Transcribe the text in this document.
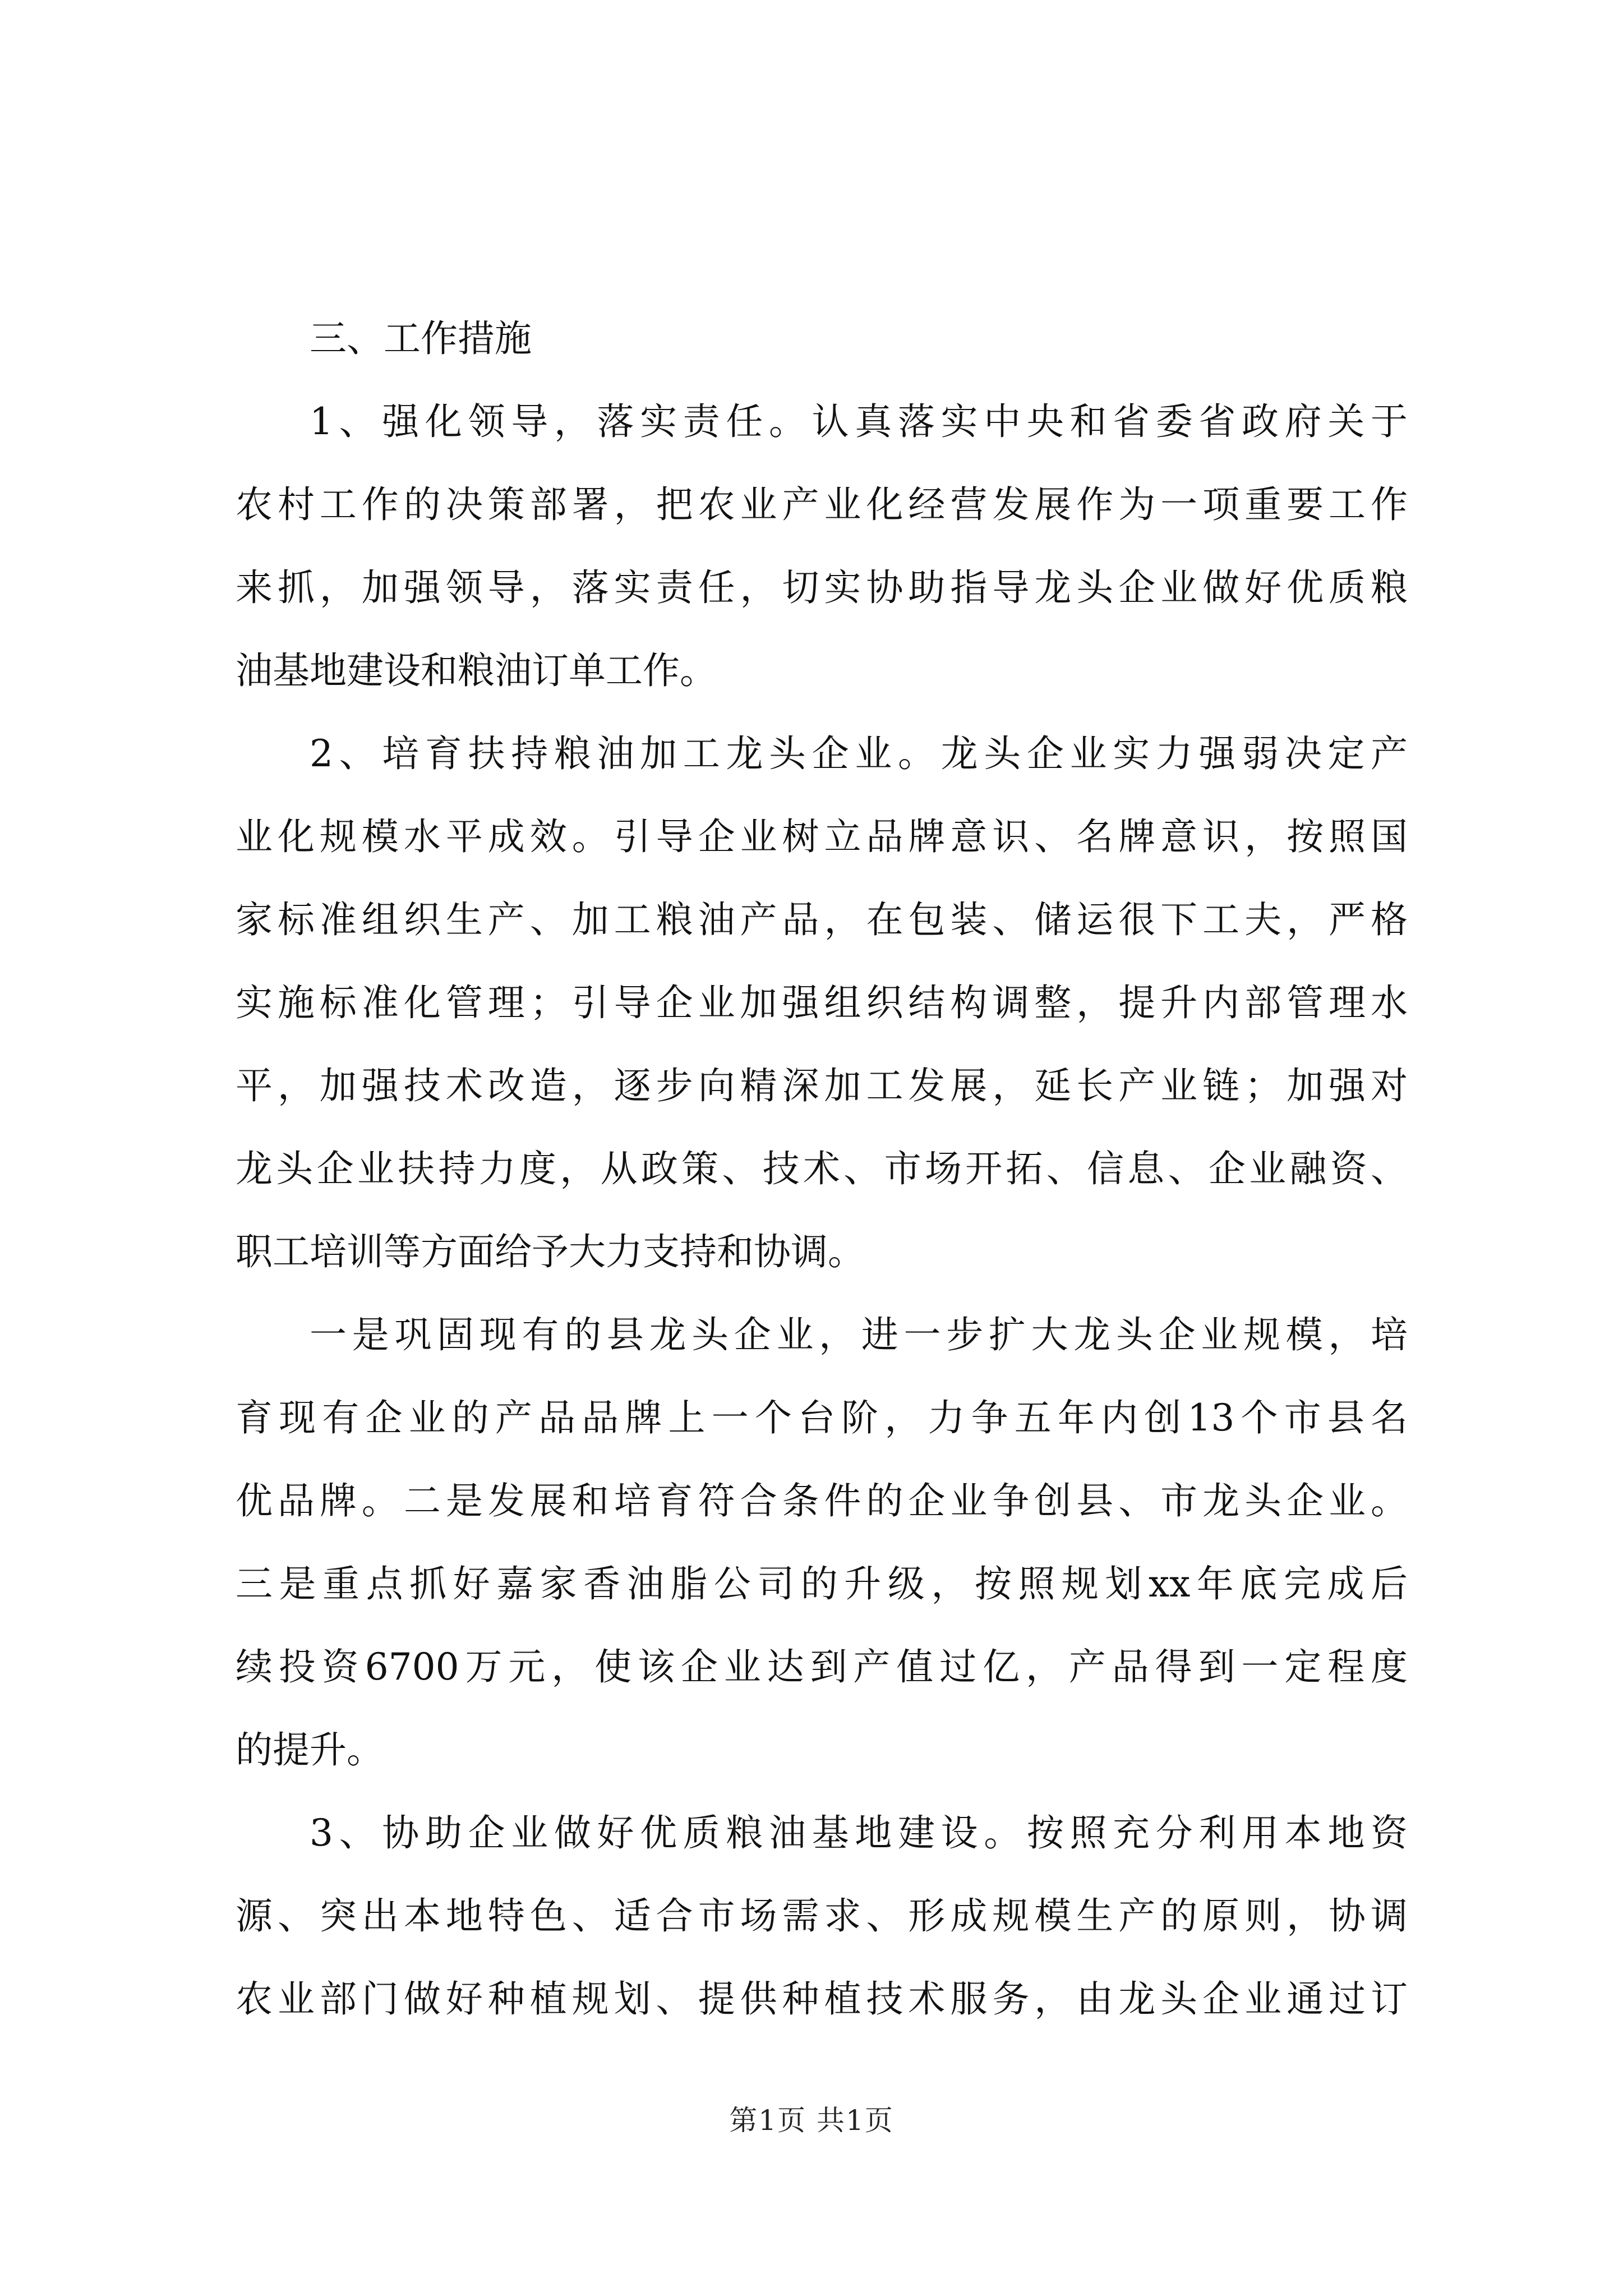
三、工作措施
1、强化领导，落实责任。认真落实中央和省委省政府关于
农村工作的决策部署，把农业产业化经营发展作为一项重要工作
来抓，加强领导，落实责任，切实协助指导龙头企业做好优质粮
油基地建设和粮油订单工作。
2、培育扶持粮油加工龙头企业。龙头企业实力强弱决定产
业化规模水平成效。引导企业树立品牌意识、名牌意识，按照国
家标准组织生产、加工粮油产品，在包装、储运很下工夫，严格
实施标准化管理；引导企业加强组织结构调整，提升内部管理水
平，加强技术改造，逐步向精深加工发展，延长产业链；加强对
龙头企业扶持力度，从政策、技术、市场开拓、信息、企业融资、
职工培训等方面给予大力支持和协调。
一是巩固现有的县龙头企业，进一步扩大龙头企业规模，培
育现有企业的产品品牌上一个台阶，力争五年内创13个市县名
优品牌。二是发展和培育符合条件的企业争创县、市龙头企业。
三是重点抓好嘉家香油脂公司的升级，按照规划xx年底完成后
续投资6700万元，使该企业达到产值过亿，产品得到一定程度
的提升。
3、协助企业做好优质粮油基地建设。按照充分利用本地资
源、突出本地特色、适合市场需求、形成规模生产的原则，协调
农业部门做好种植规划、提供种植技术服务，由龙头企业通过订
第1页 共1页
